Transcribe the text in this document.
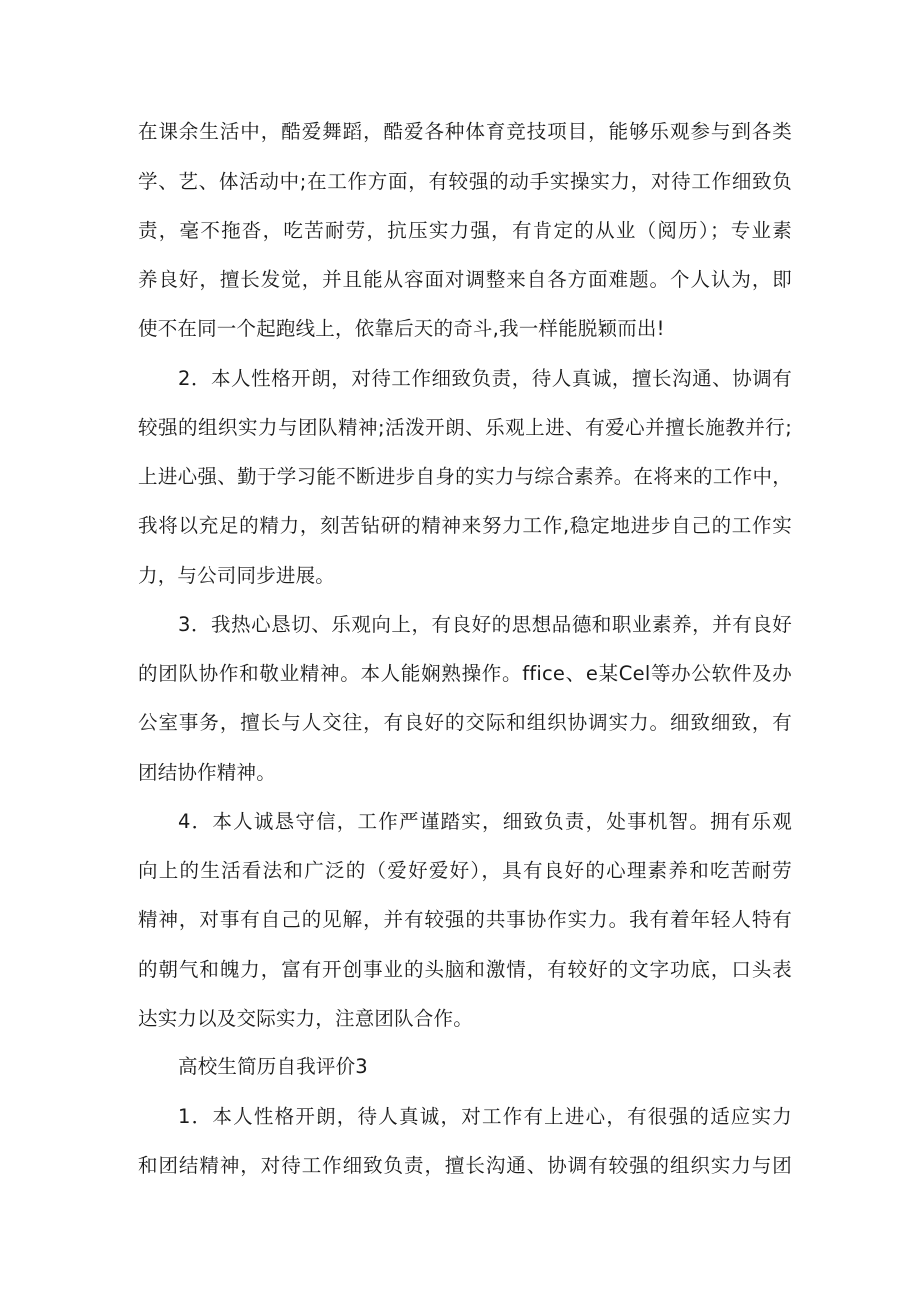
在课余生活中，酷爱舞蹈，酷爱各种体育竞技项目，能够乐观参与到各类
学、艺、体活动中;在工作方面，有较强的动手实操实力，对待工作细致负
责，毫不拖沓，吃苦耐劳，抗压实力强，有肯定的从业（阅历）；专业素
养良好，擅长发觉，并且能从容面对调整来自各方面难题。个人认为，即
使不在同一个起跑线上，依靠后天的奇斗,我一样能脱颖而出!
2．本人性格开朗，对待工作细致负责，待人真诚，擅长沟通、协调有
较强的组织实力与团队精神;活泼开朗、乐观上进、有爱心并擅长施教并行;
上进心强、勤于学习能不断进步自身的实力与综合素养。在将来的工作中，
我将以充足的精力，刻苦钻研的精神来努力工作,稳定地进步自己的工作实
力，与公司同步进展。
3．我热心恳切、乐观向上，有良好的思想品德和职业素养，并有良好
的团队协作和敬业精神。本人能娴熟操作。ffice、e某Cel等办公软件及办
公室事务，擅长与人交往，有良好的交际和组织协调实力。细致细致，有
团结协作精神。
4．本人诚恳守信，工作严谨踏实，细致负责，处事机智。拥有乐观
向上的生活看法和广泛的（爱好爱好），具有良好的心理素养和吃苦耐劳
精神，对事有自己的见解，并有较强的共事协作实力。我有着年轻人特有
的朝气和魄力，富有开创事业的头脑和激情，有较好的文字功底，口头表
达实力以及交际实力，注意团队合作。
高校生简历自我评价3
1．本人性格开朗，待人真诚，对工作有上进心，有很强的适应实力
和团结精神，对待工作细致负责，擅长沟通、协调有较强的组织实力与团
